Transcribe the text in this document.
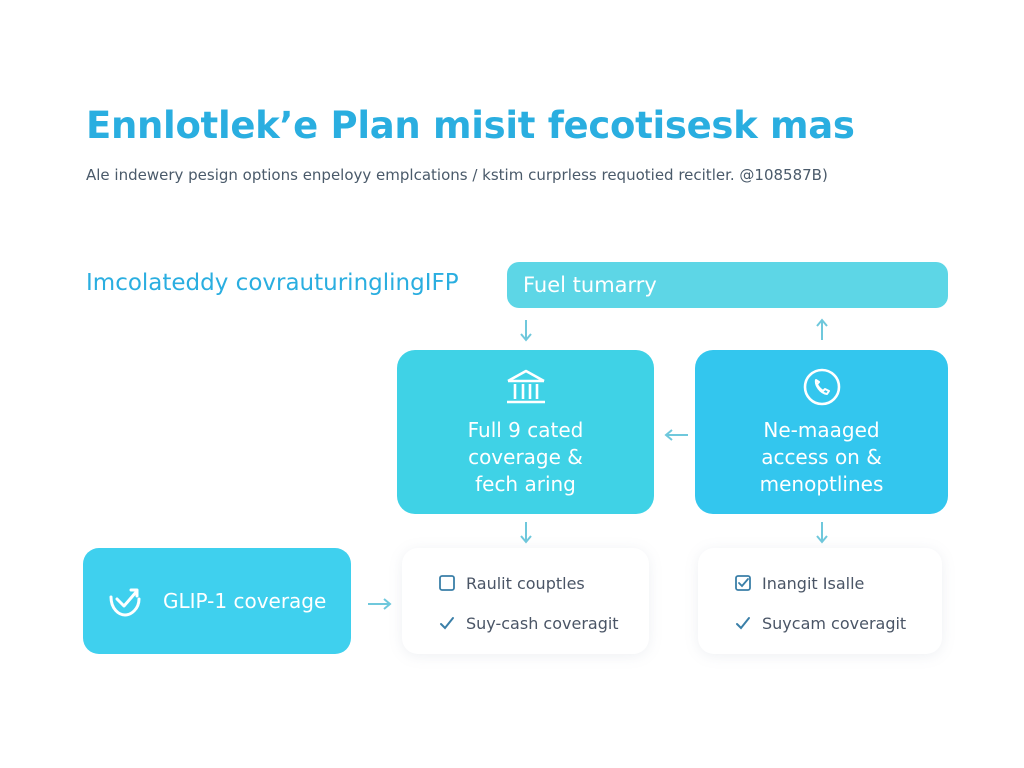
Ennlotlek’e Plan misit fecotisesk mas
Ale indewery pesign options enpeloyy emplcations / kstim curprless requotied recitler. @108587B)
Imcolateddy covrauturinglingIFP	Fuel tumarry
Full 9 cated
coverage &
fech aring
Ne-maaged
access on &
menoptlines
GLIP-1 coverage
Raulit couptles
Suy-cash coveragit
Inangit Isalle
Suycam coveragit
